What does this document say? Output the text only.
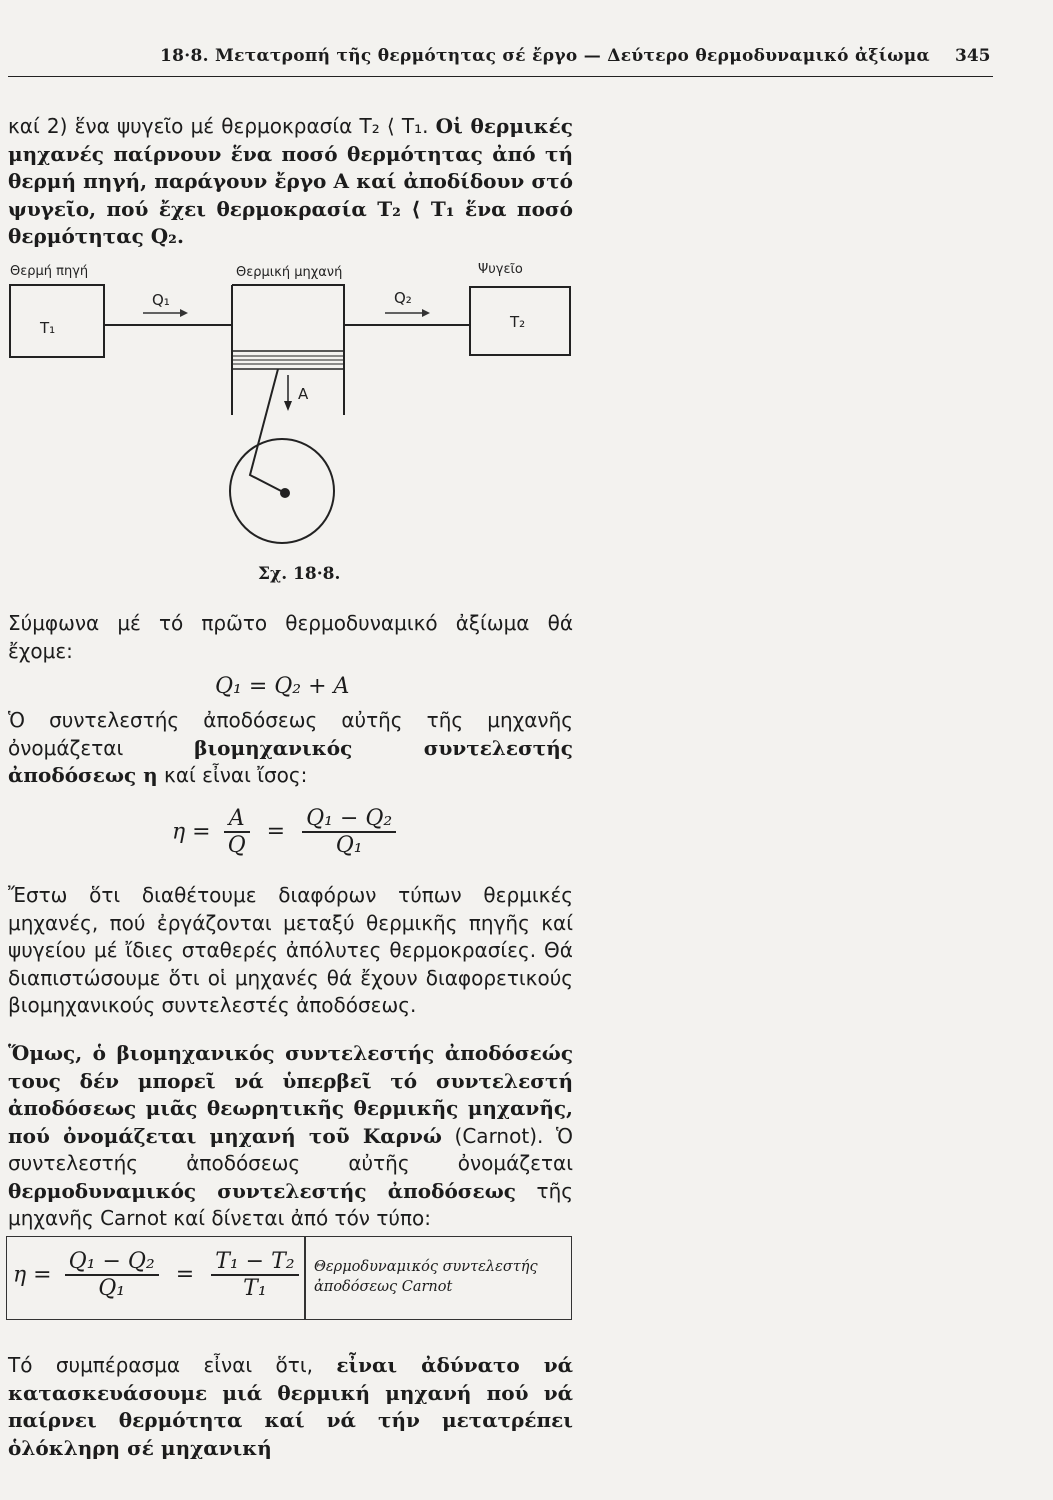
18·8. Μετατροπή τῆς θερμότητας σέ ἔργο — Δεύτερο θερμοδυναμικό ἀξίωμα 345
καί 2) ἕνα ψυγεῖο μέ θερμοκρασία T₂ ⟨ T₁. Οἱ θερμικές μηχανές παίρνουν ἕνα ποσό θερμότητας ἀπό τή θερμή πηγή, παράγουν ἔργο A καί ἀποδίδουν στό ψυγεῖο, πού ἔχει θερμοκρασία T₂ ⟨ T₁ ἕνα ποσό θερμότητας Q₂.
Θερμή πηγή	Θερμική μηχανή	Ψυγεῖο
T₁	T₂
Q₁	Q₂
A
Σχ. 18·8.
Σύμφωνα μέ τό πρῶτο θερμοδυναμικό ἀξίωμα θά ἔχομε:
Q₁ = Q₂ + A
Ὁ συντελεστής ἀποδόσεως αὐτῆς τῆς μηχανῆς ὀνομάζεται βιομηχανικός συντελεστής ἀποδόσεως η καί εἶναι ἴσος:
$\eta = \frac{A}{Q} = \frac{\text{Q₁ − Q₂}}{\text{Q₁}}$
Ἔστω ὅτι διαθέτουμε διαφόρων τύπων θερμικές μηχανές, πού ἐργάζονται μεταξύ θερμικῆς πηγῆς καί ψυγείου μέ ἴδιες σταθερές ἀπόλυτες θερμοκρασίες. Θά διαπιστώσουμε ὅτι οἱ μηχανές θά ἔχουν διαφορετικούς βιομηχανικούς συντελεστές ἀποδόσεως.
Ὅμως, ὁ βιομηχανικός συντελεστής ἀποδόσεώς τους δέν μπορεῖ νά ὑπερβεῖ τό συντελεστή ἀποδόσεως μιᾶς θεωρητικῆς θερμικῆς μηχανῆς, πού ὀνομάζεται μηχανή τοῦ Καρνώ (Carnot). Ὁ συντελεστής ἀποδόσεως αὐτῆς ὀνομάζεται θερμοδυναμικός συντελεστής ἀποδόσεως τῆς μηχανῆς Carnot καί δίνεται ἀπό τόν τύπο:
$\eta = \frac{\text{Q₁ − Q₂}}{\text{Q₁}} = \frac{\text{T₁ − T₂}}{\text{T₁}}$ Θερμοδυναμικός συντελεστής ἀποδόσεως Carnot
Τό συμπέρασμα εἶναι ὅτι, εἶναι ἀδύνατο νά κατασκευάσουμε μιά θερμική μηχανή πού νά παίρνει θερμότητα καί νά τήν μετατρέπει ὁλόκληρη σέ μηχανική
